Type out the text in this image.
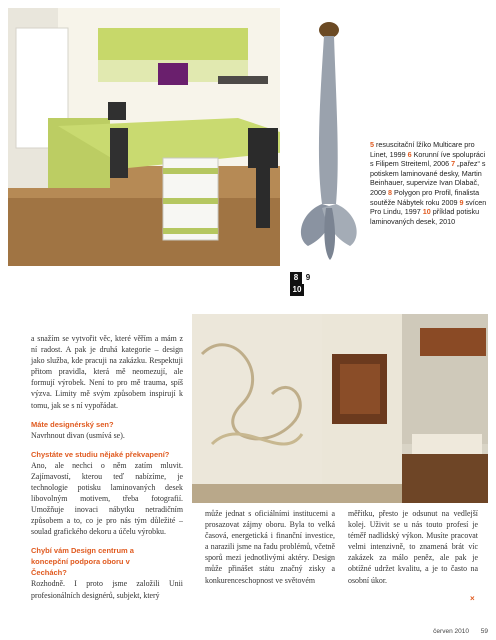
5 resuscitační lžíko Multicare pro Linet, 1999 6 Korunní íve spolupráci s Filipem Streiteml, 2006 7 „pařez“ s potiskem laminované desky, Martin Beinhauer, supervize Ivan Dlabač, 2009 8 Polygon pro Profil, finalista soutěže Nábytek roku 2009 9 svícen Pro Lindu, 1997 10 příklad potisku laminovaných desek, 2010
8 9
10

a snažím se vytvořit věc, které věřím a mám z ní radost. A pak je druhá kategorie – design jako služba, kde pracuji na zakázku. Respektuji přitom pravidla, která mě neomezují, ale formují výrobek. Není to pro mě trauma, spíš výzva. Limity mě svým způsobem inspirují k tomu, jak se s ní vypořádat.

Máte designérský sen?

Navrhnout divan (usmívá se).

Chystáte ve studiu nějaké překvapení?

Ano, ale nechci o něm zatím mluvit. Zajímavostí, kterou teď nabízíme, je technologie potisku laminovaných desek libovolným motivem, třeba fotografií. Umožňuje inovaci nábytku netradičním způsobem a to, co je pro nás tým důležité – soulad grafického dekoru a účelu výrobku.

Chybí vám Design centrum a koncepční podpora oboru v Čechách?

Rozhodně. I proto jsme založili Unii profesionálních designérů, subjekt, který

může jednat s oficiálními institucemi a prosazovat zájmy oboru. Byla to velká časová, energetická i finanční investice, a narazili jsme na řadu problémů, včetně sporů mezi jednotlivými aktéry. Design může přinášet státu značný zisky a konkurenceschopnost ve světovém

měřítku, přesto je odsunut na vedlejší kolej. Uživit se u nás touto profesí je téměř nadlidský výkon. Musíte pracovat velmi intenzivně, to znamená brát víc zakázek za málo peněz, ale pak je obtížné udržet kvalitu, a je to často na osobní úkor.

×
červen 2010 59
